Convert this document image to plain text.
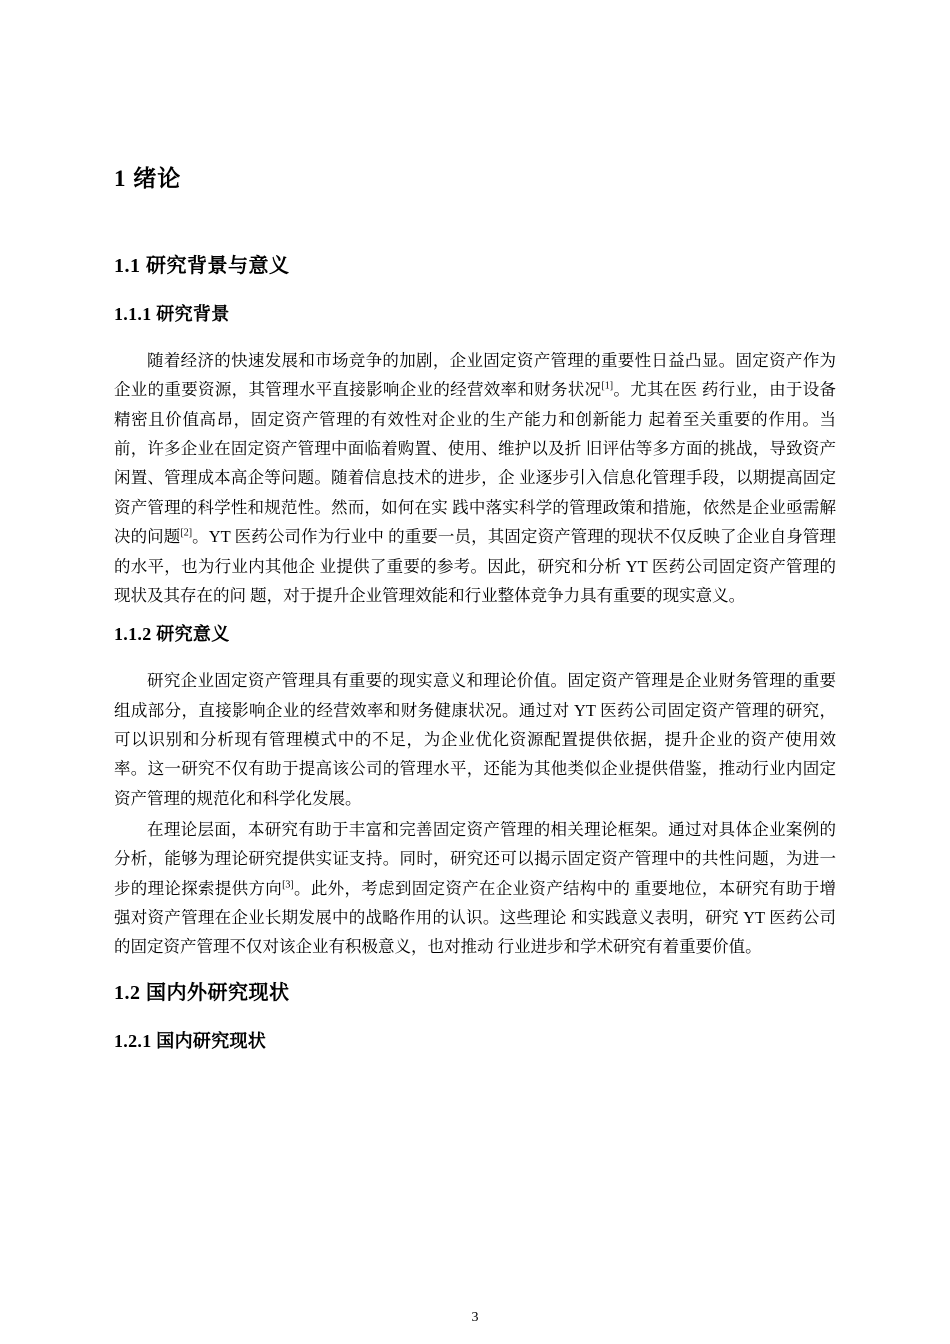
1 绪论
1.1 研究背景与意义
1.1.1 研究背景

随着经济的快速发展和市场竞争的加剧，企业固定资产管理的重要性日益凸显。固定资产作为企业的重要资源，其管理水平直接影响企业的经营效率和财务状况[1]。尤其在医 药行业，由于设备精密且价值高昂，固定资产管理的有效性对企业的生产能力和创新能力 起着至关重要的作用。当前，许多企业在固定资产管理中面临着购置、使用、维护以及折 旧评估等多方面的挑战，导致资产闲置、管理成本高企等问题。随着信息技术的进步，企 业逐步引入信息化管理手段，以期提高固定资产管理的科学性和规范性。然而，如何在实 践中落实科学的管理政策和措施，依然是企业亟需解决的问题[2]。YT 医药公司作为行业中 的重要一员，其固定资产管理的现状不仅反映了企业自身管理的水平，也为行业内其他企 业提供了重要的参考。因此，研究和分析 YT 医药公司固定资产管理的现状及其存在的问 题，对于提升企业管理效能和行业整体竞争力具有重要的现实意义。

1.1.2 研究意义

研究企业固定资产管理具有重要的现实意义和理论价值。固定资产管理是企业财务管理的重要组成部分，直接影响企业的经营效率和财务健康状况。通过对 YT 医药公司固定资产管理的研究，可以识别和分析现有管理模式中的不足，为企业优化资源配置提供依据，提升企业的资产使用效率。这一研究不仅有助于提高该公司的管理水平，还能为其他类似企业提供借鉴，推动行业内固定资产管理的规范化和科学化发展。

在理论层面，本研究有助于丰富和完善固定资产管理的相关理论框架。通过对具体企业案例的分析，能够为理论研究提供实证支持。同时，研究还可以揭示固定资产管理中的共性问题，为进一步的理论探索提供方向[3]。此外，考虑到固定资产在企业资产结构中的 重要地位，本研究有助于增强对资产管理在企业长期发展中的战略作用的认识。这些理论 和实践意义表明，研究 YT 医药公司的固定资产管理不仅对该企业有积极意义，也对推动 行业进步和学术研究有着重要价值。

1.2 国内外研究现状
1.2.1 国内研究现状
3
